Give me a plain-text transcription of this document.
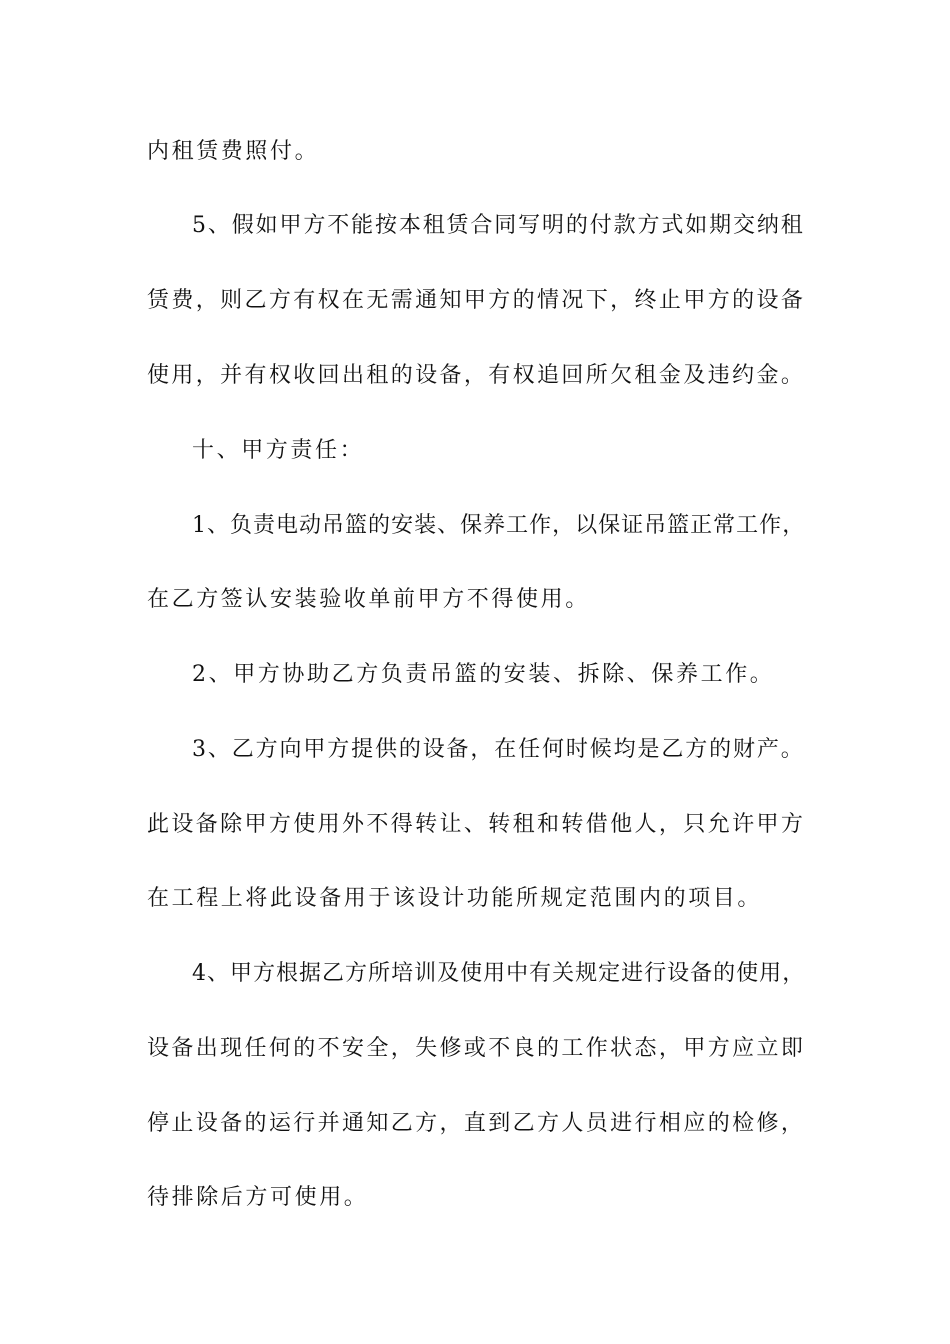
内租赁费照付。
5、假如甲方不能按本租赁合同写明的付款方式如期交纳租
赁费，则乙方有权在无需通知甲方的情况下，终止甲方的设备
使用，并有权收回出租的设备，有权追回所欠租金及违约金。
十、甲方责任：
1、负责电动吊篮的安装、保养工作，以保证吊篮正常工作，
在乙方签认安装验收单前甲方不得使用。
2、甲方协助乙方负责吊篮的安装、拆除、保养工作。
3、乙方向甲方提供的设备，在任何时候均是乙方的财产。
此设备除甲方使用外不得转让、转租和转借他人，只允许甲方
在工程上将此设备用于该设计功能所规定范围内的项目。
4、甲方根据乙方所培训及使用中有关规定进行设备的使用，
设备出现任何的不安全，失修或不良的工作状态，甲方应立即
停止设备的运行并通知乙方，直到乙方人员进行相应的检修，
待排除后方可使用。
